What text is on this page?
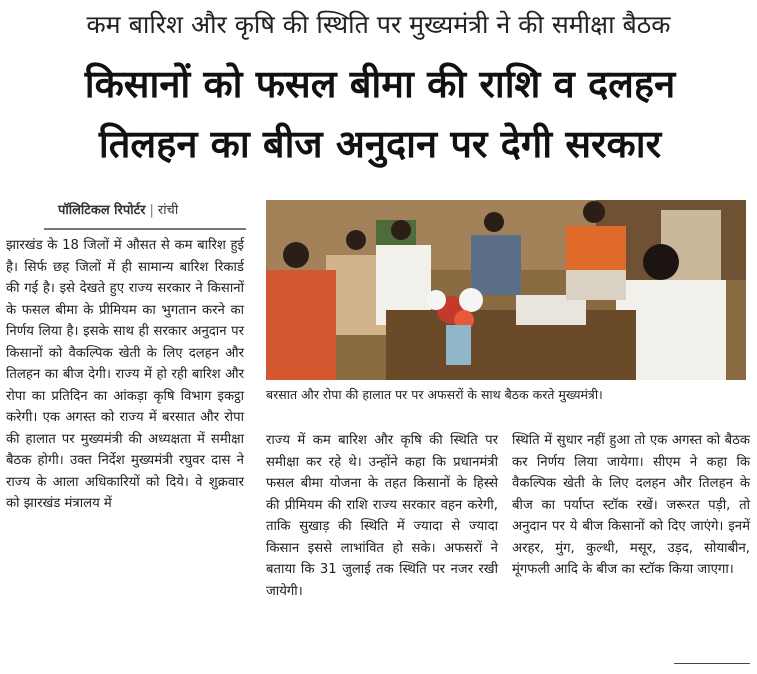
कम बारिश और कृषि की स्थिति पर मुख्यमंत्री ने की समीक्षा बैठक
किसानों को फसल बीमा की राशि व दलहन
तिलहन का बीज अनुदान पर देगी सरकार
पॉलिटिकल रिपोर्टर | रांची

झारखंड के 18 जिलों में औसत से कम बारिश हुई है। सिर्फ छह जिलों में ही सामान्य बारिश रिकार्ड की गई है। इसे देखते हुए राज्य सरकार ने किसानों के फसल बीमा के प्रीमियम का भुगतान करने का निर्णय लिया है। इसके साथ ही सरकार अनुदान पर किसानों को वैकल्पिक खेती के लिए दलहन और तिलहन का बीज देगी। राज्य में हो रही बारिश और रोपा का प्रतिदिन का आंकड़ा कृषि विभाग इकट्ठा करेगी। एक अगस्त को राज्य में बरसात और रोपा की हालात पर मुख्यमंत्री की अध्यक्षता में समीक्षा बैठक होगी। उक्त निर्देश मुख्यमंत्री रघुवर दास ने राज्य के आला अधिकारियों को दिये। वे शुक्रवार को झारखंड मंत्रालय में

बरसात और रोपा की हालात पर पर अफसरों के साथ बैठक करते मुख्यमंत्री।

राज्य में कम बारिश और कृषि की स्थिति पर समीक्षा कर रहे थे। उन्होंने कहा कि प्रधानमंत्री फसल बीमा योजना के तहत किसानों के हिस्से की प्रीमियम की राशि राज्य सरकार वहन करेगी, ताकि सुखाड़ की स्थिति में ज्यादा से ज्यादा किसान इससे लाभांवित हो सके। अफसरों ने बताया कि 31 जुलाई तक स्थिति पर नजर रखी जायेगी।

स्थिति में सुधार नहीं हुआ तो एक अगस्त को बैठक कर निर्णय लिया जायेगा। सीएम ने कहा कि वैकल्पिक खेती के लिए दलहन और तिलहन के बीज का पर्याप्त स्टॉक रखें। जरूरत पड़ी, तो अनुदान पर ये बीज किसानों को दिए जाएंगे। इनमें अरहर, मुंग, कुल्थी, मसूर, उड़द, सोयाबीन, मूंगफली आदि के बीज का स्टॉक किया जाएगा।
